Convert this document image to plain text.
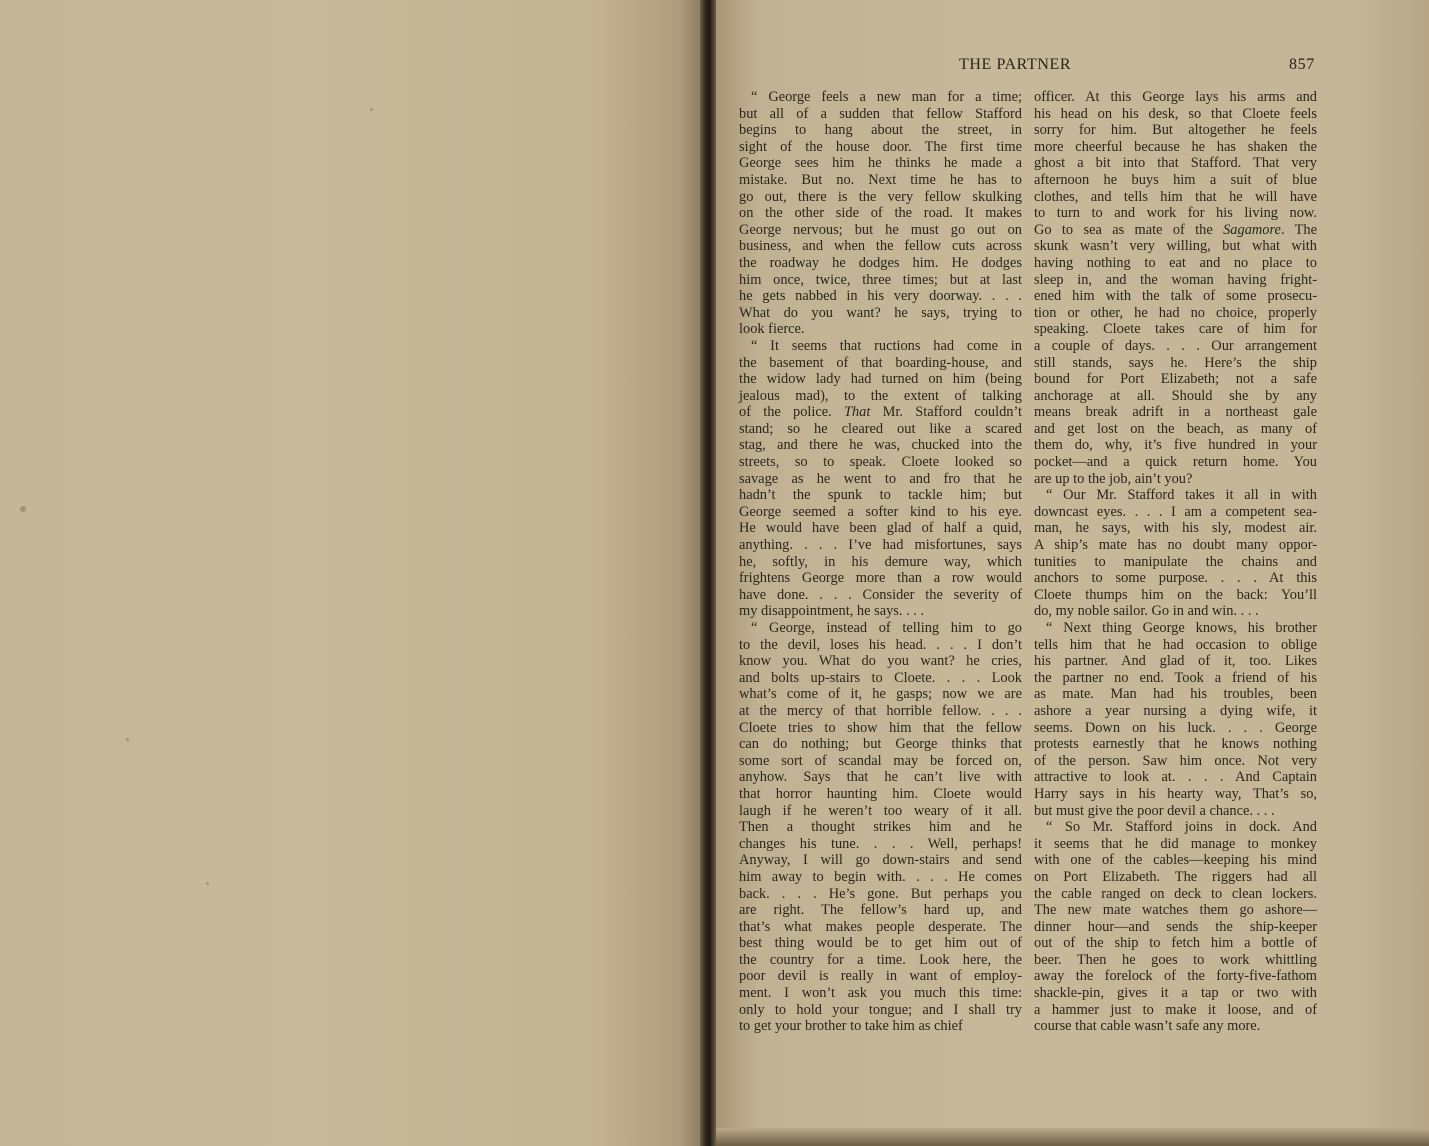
THE PARTNER	857
“ George feels a new man for a time;
but all of a sudden that fellow Stafford
begins to hang about the street, in
sight of the house door. The first time
George sees him he thinks he made a
mistake. But no. Next time he has to
go out, there is the very fellow skulking
on the other side of the road. It makes
George nervous; but he must go out on
business, and when the fellow cuts across
the roadway he dodges him. He dodges
him once, twice, three times; but at last
he gets nabbed in his very doorway. . . .
What do you want? he says, trying to
look fierce.
“ It seems that ructions had come in
the basement of that boarding-house, and
the widow lady had turned on him (being
jealous mad), to the extent of talking
of the police. That Mr. Stafford couldn’t
stand; so he cleared out like a scared
stag, and there he was, chucked into the
streets, so to speak. Cloete looked so
savage as he went to and fro that he
hadn’t the spunk to tackle him; but
George seemed a softer kind to his eye.
He would have been glad of half a quid,
anything. . . . I’ve had misfortunes, says
he, softly, in his demure way, which
frightens George more than a row would
have done. . . . Consider the severity of
my disappointment, he says. . . .
“ George, instead of telling him to go
to the devil, loses his head. . . . I don’t
know you. What do you want? he cries,
and bolts up-stairs to Cloete. . . . Look
what’s come of it, he gasps; now we are
at the mercy of that horrible fellow. . . .
Cloete tries to show him that the fellow
can do nothing; but George thinks that
some sort of scandal may be forced on,
anyhow. Says that he can’t live with
that horror haunting him. Cloete would
laugh if he weren’t too weary of it all.
Then a thought strikes him and he
changes his tune. . . . Well, perhaps!
Anyway, I will go down-stairs and send
him away to begin with. . . . He comes
back. . . . He’s gone. But perhaps you
are right. The fellow’s hard up, and
that’s what makes people desperate. The
best thing would be to get him out of
the country for a time. Look here, the
poor devil is really in want of employ-
ment. I won’t ask you much this time:
only to hold your tongue; and I shall try
to get your brother to take him as chief
officer. At this George lays his arms and
his head on his desk, so that Cloete feels
sorry for him. But altogether he feels
more cheerful because he has shaken the
ghost a bit into that Stafford. That very
afternoon he buys him a suit of blue
clothes, and tells him that he will have
to turn to and work for his living now.
Go to sea as mate of the Sagamore. The
skunk wasn’t very willing, but what with
having nothing to eat and no place to
sleep in, and the woman having fright-
ened him with the talk of some prosecu-
tion or other, he had no choice, properly
speaking. Cloete takes care of him for
a couple of days. . . . Our arrangement
still stands, says he. Here’s the ship
bound for Port Elizabeth; not a safe
anchorage at all. Should she by any
means break adrift in a northeast gale
and get lost on the beach, as many of
them do, why, it’s five hundred in your
pocket—and a quick return home. You
are up to the job, ain’t you?
“ Our Mr. Stafford takes it all in with
downcast eyes. . . . I am a competent sea-
man, he says, with his sly, modest air.
A ship’s mate has no doubt many oppor-
tunities to manipulate the chains and
anchors to some purpose. . . . At this
Cloete thumps him on the back: You’ll
do, my noble sailor. Go in and win. . . .
“ Next thing George knows, his brother
tells him that he had occasion to oblige
his partner. And glad of it, too. Likes
the partner no end. Took a friend of his
as mate. Man had his troubles, been
ashore a year nursing a dying wife, it
seems. Down on his luck. . . . George
protests earnestly that he knows nothing
of the person. Saw him once. Not very
attractive to look at. . . . And Captain
Harry says in his hearty way, That’s so,
but must give the poor devil a chance. . . .
“ So Mr. Stafford joins in dock. And
it seems that he did manage to monkey
with one of the cables—keeping his mind
on Port Elizabeth. The riggers had all
the cable ranged on deck to clean lockers.
The new mate watches them go ashore—
dinner hour—and sends the ship-keeper
out of the ship to fetch him a bottle of
beer. Then he goes to work whittling
away the forelock of the forty-five-fathom
shackle-pin, gives it a tap or two with
a hammer just to make it loose, and of
course that cable wasn’t safe any more.
